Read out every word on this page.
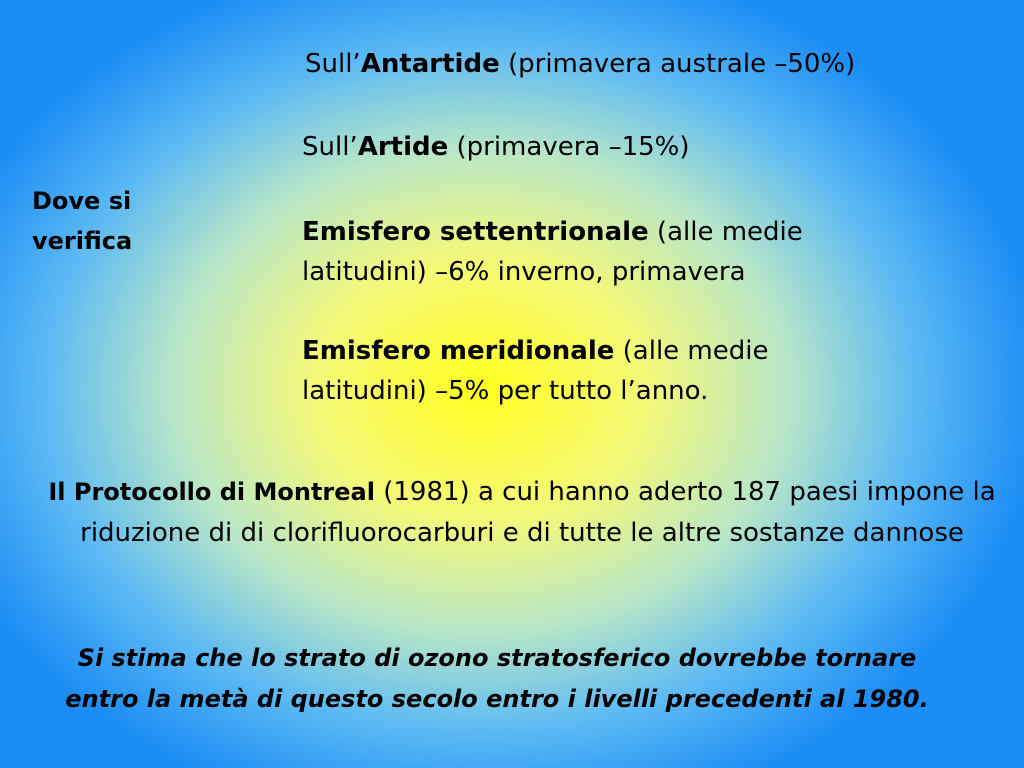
Dove si verifica

Sull’Antartide (primavera australe –50%)

Sull’Artide (primavera –15%)

Emisfero settentrionale (alle medie latitudini) –6% inverno, primavera

Emisfero meridionale (alle medie latitudini) –5% per tutto l’anno.

Il Protocollo di Montreal (1981) a cui hanno aderto 187 paesi impone la riduzione di di clorifluorocarburi e di tutte le altre sostanze dannose

Si stima che lo strato di ozono stratosferico dovrebbe tornare entro la metà di questo secolo entro i livelli precedenti al 1980.
